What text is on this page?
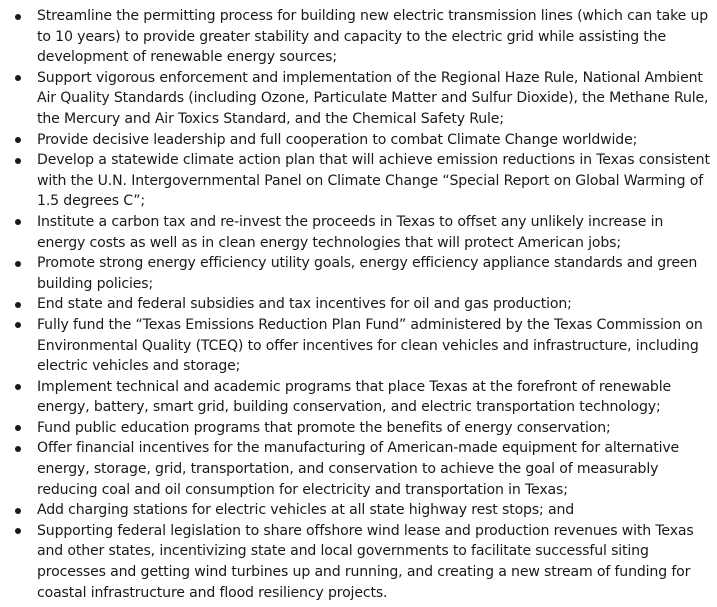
Streamline the permitting process for building new electric transmission lines (which can take up to 10 years) to provide greater stability and capacity to the electric grid while assisting the development of renewable energy sources;
Support vigorous enforcement and implementation of the Regional Haze Rule, National Ambient Air Quality Standards (including Ozone, Particulate Matter and Sulfur Dioxide), the Methane Rule, the Mercury and Air Toxics Standard, and the Chemical Safety Rule;
Provide decisive leadership and full cooperation to combat Climate Change worldwide;
Develop a statewide climate action plan that will achieve emission reductions in Texas consistent with the U.N. Intergovernmental Panel on Climate Change “Special Report on Global Warming of 1.5 degrees C”;
Institute a carbon tax and re-invest the proceeds in Texas to offset any unlikely increase in energy costs as well as in clean energy technologies that will protect American jobs;
Promote strong energy efficiency utility goals, energy efficiency appliance standards and green building policies;
End state and federal subsidies and tax incentives for oil and gas production;
Fully fund the “Texas Emissions Reduction Plan Fund” administered by the Texas Commission on Environmental Quality (TCEQ) to offer incentives for clean vehicles and infrastructure, including electric vehicles and storage;
Implement technical and academic programs that place Texas at the forefront of renewable energy, battery, smart grid, building conservation, and electric transportation technology;
Fund public education programs that promote the benefits of energy conservation;
Offer financial incentives for the manufacturing of American-made equipment for alternative energy, storage, grid, transportation, and conservation to achieve the goal of measurably reducing coal and oil consumption for electricity and transportation in Texas;
Add charging stations for electric vehicles at all state highway rest stops; and
Supporting federal legislation to share offshore wind lease and production revenues with Texas and other states, incentivizing state and local governments to facilitate successful siting processes and getting wind turbines up and running, and creating a new stream of funding for coastal infrastructure and flood resiliency projects.
